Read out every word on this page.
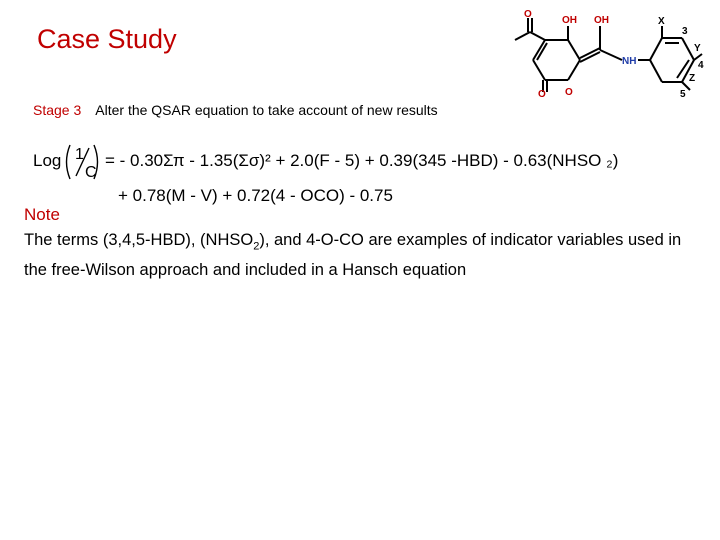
Case Study
Stage 3 Alter the QSAR equation to take account of new results
Log 1
C
= - 0.30Σπ - 1.35(Σσ)² + 2.0(F - 5) + 0.39(345 -HBD) - 0.63(NHSO ₂)
+ 0.78(M - V) + 0.72(4 - OCO) - 0.75
Note
The terms (3,4,5-HBD), $(NHSO_2)$, and 4-O-CO are examples of indicator variables used in the free-Wilson approach and included in a Hansch equation
O
OH OH
NH
O
O
X
3
Y
4
Z
5
